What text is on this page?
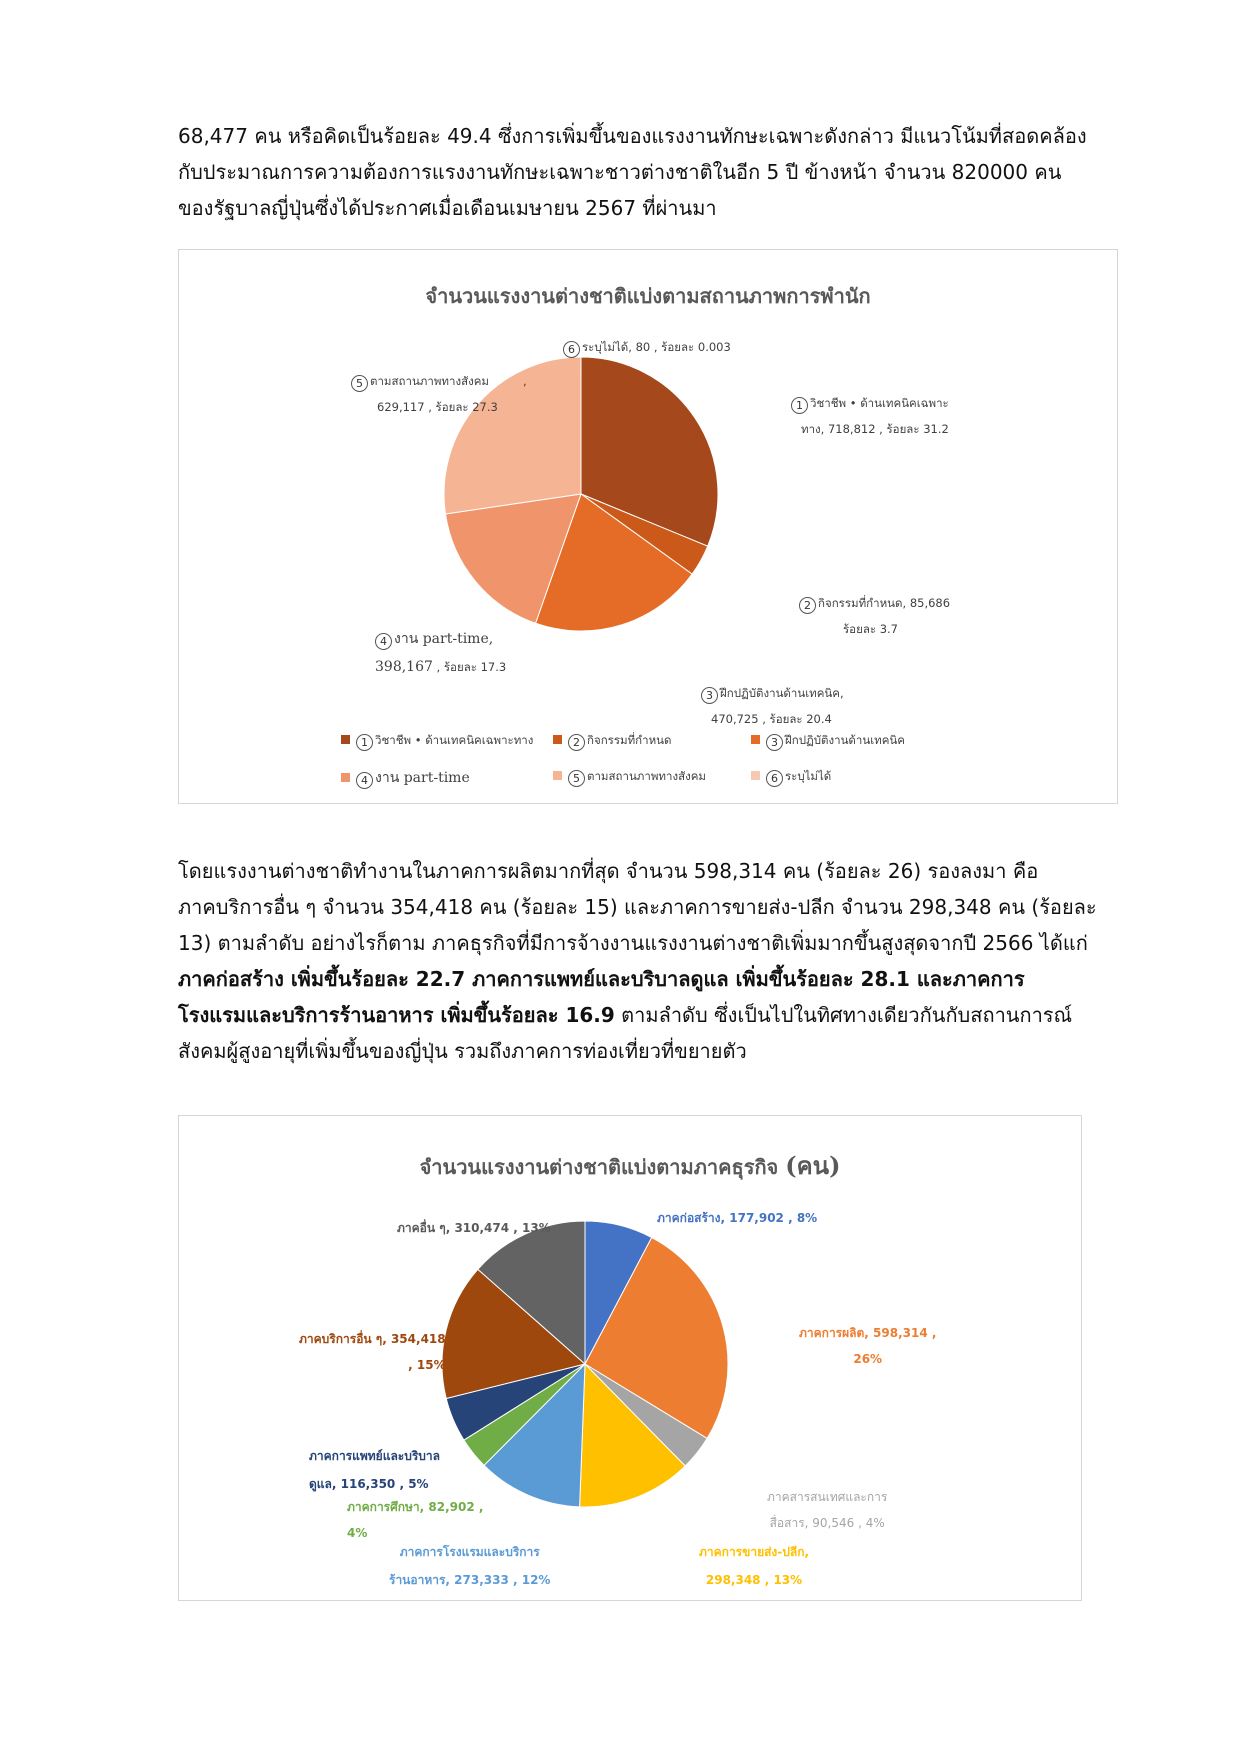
68,477 คน หรือคิดเป็นร้อยละ 49.4 ซึ่งการเพิ่มขึ้นของแรงงานทักษะเฉพาะดังกล่าว มีแนวโน้มที่สอดคล้อง
กับประมาณการความต้องการแรงงานทักษะเฉพาะชาวต่างชาติในอีก 5 ปี ข้างหน้า จำนวน 820000 คน
ของรัฐบาลญี่ปุ่นซึ่งได้ประกาศเมื่อเดือนเมษายน 2567 ที่ผ่านมา
จำนวนแรงงานต่างชาติแบ่งตามสถานภาพการพำนัก
6 ระบุไม่ได้, 80 , ร้อยละ 0.003
5 ตามสถานภาพทางสังคม	,
629,117 , ร้อยละ 27.3	1 วิชาชีพ • ด้านเทคนิคเฉพาะ
ทาง, 718,812 , ร้อยละ 31.2
2 กิจกรรมที่กำหนด, 85,686
ร้อยละ 3.7
4 งาน part-time,
398,167 , ร้อยละ 17.3
3 ฝึกปฏิบัติงานด้านเทคนิค,
470,725 , ร้อยละ 20.4
1 วิชาชีพ • ด้านเทคนิคเฉพาะทาง	2 กิจกรรมที่กำหนด	3 ฝึกปฏิบัติงานด้านเทคนิค
4 งาน part-time	5 ตามสถานภาพทางสังคม	6 ระบุไม่ได้
โดยแรงงานต่างชาติทำงานในภาคการผลิตมากที่สุด จำนวน 598,314 คน (ร้อยละ 26) รองลงมา คือ
ภาคบริการอื่น ๆ จำนวน 354,418 คน (ร้อยละ 15) และภาคการขายส่ง-ปลีก จำนวน 298,348 คน (ร้อยละ
13) ตามลำดับ อย่างไรก็ตาม ภาคธุรกิจที่มีการจ้างงานแรงงานต่างชาติเพิ่มมากขึ้นสูงสุดจากปี 2566 ได้แก่
ภาคก่อสร้าง เพิ่มขึ้นร้อยละ 22.7 ภาคการแพทย์และบริบาลดูแล เพิ่มขึ้นร้อยละ 28.1 และภาคการ
โรงแรมและบริการร้านอาหาร เพิ่มขึ้นร้อยละ 16.9 ตามลำดับ ซึ่งเป็นไปในทิศทางเดียวกันกับสถานการณ์
สังคมผู้สูงอายุที่เพิ่มขึ้นของญี่ปุ่น รวมถึงภาคการท่องเที่ยวที่ขยายตัว
จำนวนแรงงานต่างชาติแบ่งตามภาคธุรกิจ (คน)
ภาคก่อสร้าง, 177,902 , 8%
ภาคอื่น ๆ, 310,474 , 13%
ภาคการผลิต, 598,314 ,
26%
ภาคบริการอื่น ๆ, 354,418
, 15%
ภาคการแพทย์และบริบาล
ดูแล, 116,350 , 5%
ภาคการศึกษา, 82,902 ,
4%
ภาคสารสนเทศและการ
สื่อสาร, 90,546 , 4%
ภาคการโรงแรมและบริการ
ร้านอาหาร, 273,333 , 12%
ภาคการขายส่ง-ปลีก,
298,348 , 13%
